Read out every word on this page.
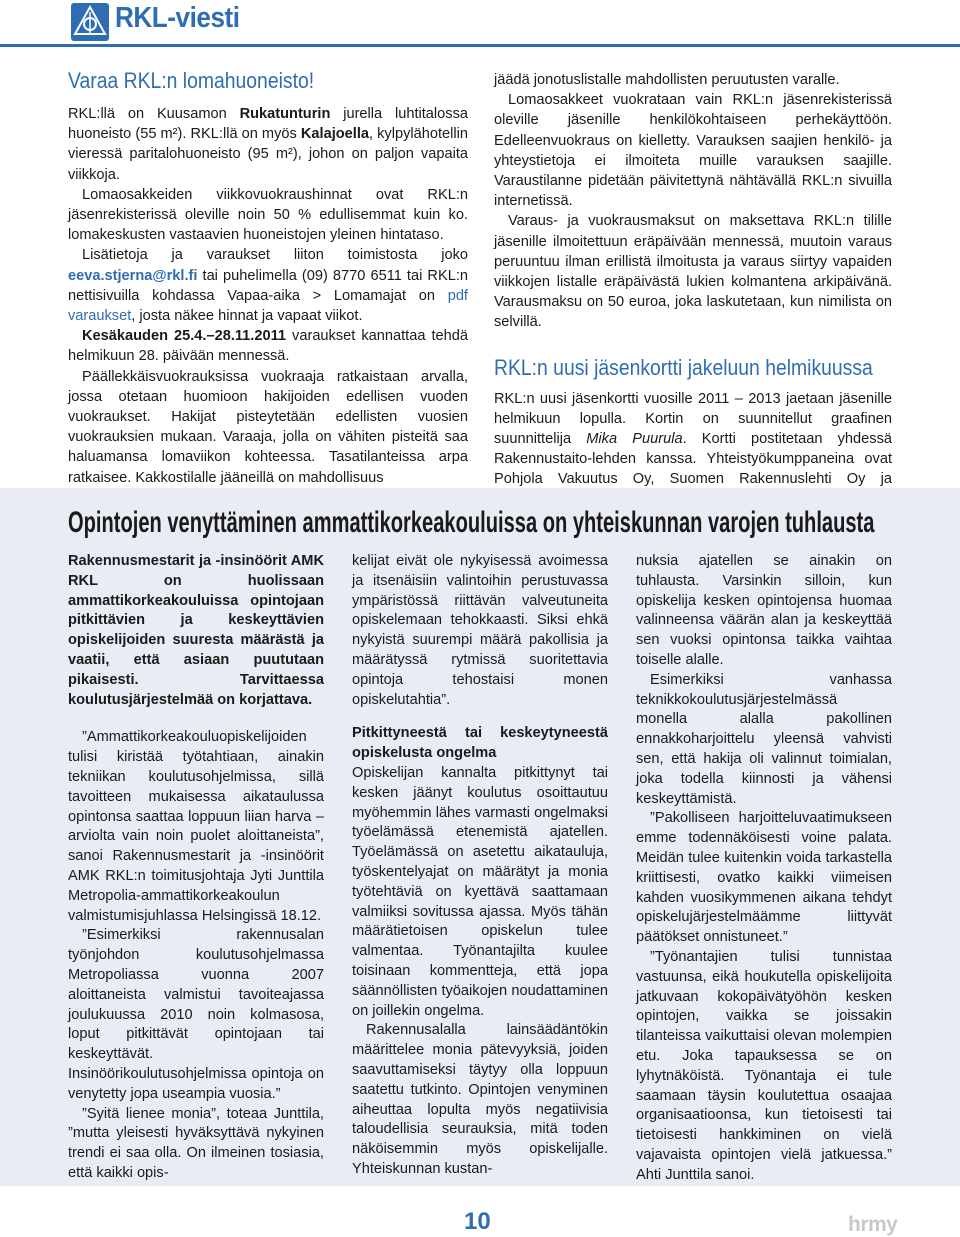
RKL-viesti
Varaa RKL:n lomahuoneisto!

RKL:llä on Kuusamon Rukatunturin jurella luhtitalossa huoneisto (55 m²). RKL:llä on myös Kalajoella, kylpylähotellin vieressä paritalohuoneisto (95 m²), johon on paljon vapaita viikkoja.

Lomaosakkeiden viikkovuokraushinnat ovat RKL:n jäsenrekisterissä oleville noin 50 % edullisemmat kuin ko. lomakeskusten vastaavien huoneistojen yleinen hintataso.

Lisätietoja ja varaukset liiton toimistosta joko eeva.stjerna@rkl.fi tai puhelimella (09) 8770 6511 tai RKL:n nettisivuilla kohdassa Vapaa-aika > Lomamajat on pdf varaukset, josta näkee hinnat ja vapaat viikot.

Kesäkauden 25.4.–28.11.2011 varaukset kannattaa tehdä helmikuun 28. päivään mennessä.

Päällekkäisvuokrauksissa vuokraaja ratkaistaan arvalla, jossa otetaan huomioon hakijoiden edellisen vuoden vuokraukset. Hakijat pisteytetään edellisten vuosien vuokrauksien mukaan. Varaaja, jolla on vähiten pisteitä saa haluamansa lomaviikon kohteessa. Tasatilanteissa arpa ratkaisee. Kakkostilalle jääneillä on mahdollisuus

jäädä jonotuslistalle mahdollisten peruutusten varalle.

Lomaosakkeet vuokrataan vain RKL:n jäsenrekisterissä oleville jäsenille henkilökohtaiseen perhekäyttöön. Edelleenvuokraus on kielletty. Varauksen saajien henkilö- ja yhteystietoja ei ilmoiteta muille varauksen saajille. Varaustilanne pidetään päivitettynä nähtävällä RKL:n sivuilla internetissä.

Varaus- ja vuokrausmaksut on maksettava RKL:n tilille jäsenille ilmoitettuun eräpäivään mennessä, muutoin varaus peruuntuu ilman erillistä ilmoitusta ja varaus siirtyy vapaiden viikkojen listalle eräpäivästä lukien kolmantena arkipäivänä. Varausmaksu on 50 euroa, joka laskutetaan, kun nimilista on selvillä.

RKL:n uusi jäsenkortti jakeluun helmikuussa

RKL:n uusi jäsenkortti vuosille 2011 – 2013 jaetaan jäsenille helmikuun lopulla. Kortin on suunnitellut graafinen suunnittelija Mika Puurula. Kortti postitetaan yhdessä Rakennustaito-lehden kanssa. Yhteistyökumppaneina ovat Pohjola Vakuutus Oy, Suomen Rakennuslehti Oy ja

Opintojen venyttäminen ammattikorkeakouluissa on yhteiskunnan varojen tuhlausta

Rakennusmestarit ja -insinöörit AMK RKL on huolissaan ammattikorkeakouluissa opintojaan pitkittävien ja keskeyttävien opiskelijoiden suuresta määrästä ja vaatii, että asiaan puututaan pikaisesti. Tarvittaessa koulutusjärjestelmää on korjattava.

”Ammattikorkeakouluopiskelijoiden tulisi kiristää työtahtiaan, ainakin tekniikan koulutusohjelmissa, sillä tavoitteen mukaisessa aikataulussa opintonsa saattaa loppuun liian harva – arviolta vain noin puolet aloittaneista”, sanoi Rakennusmestarit ja -insinöörit AMK RKL:n toimitusjohtaja Jyti Junttila Metropolia-ammattikorkeakoulun valmistumisjuhlassa Helsingissä 18.12.

”Esimerkiksi rakennusalan työnjohdon koulutusohjelmassa Metropoliassa vuonna 2007 aloittaneista valmistui tavoiteajassa joulukuussa 2010 noin kolmasosa, loput pitkittävät opintojaan tai keskeyttävät. Insinöörikoulutusohjelmissa opintoja on venytetty jopa useampia vuosia.”

”Syitä lienee monia”, toteaa Junttila, ”mutta yleisesti hyväksyttävä nykyinen trendi ei saa olla. On ilmeinen tosiasia, että kaikki opis-

kelijat eivät ole nykyisessä avoimessa ja itsenäisiin valintoihin perustuvassa ympäristössä riittävän valveutuneita opiskelemaan tehokkaasti. Siksi ehkä nykyistä suurempi määrä pakollisia ja määrätyssä rytmissä suoritettavia opintoja tehostaisi monen opiskelutahtia”.

Pitkittyneestä tai keskeytyneestä opiskelusta ongelma

Opiskelijan kannalta pitkittynyt tai kesken jäänyt koulutus osoittautuu myöhemmin lähes varmasti ongelmaksi työelämässä etenemistä ajatellen. Työelämässä on asetettu aikatauluja, työskentelyajat on määrätyt ja monia työtehtäviä on kyettävä saattamaan valmiiksi sovitussa ajassa. Myös tähän määrätietoisen opiskelun tulee valmentaa. Työnantajilta kuulee toisinaan kommentteja, että jopa säännöllisten työaikojen noudattaminen on joillekin ongelma.

Rakennusalalla lainsäädäntökin määrittelee monia pätevyyksiä, joiden saavuttamiseksi täytyy olla loppuun saatettu tutkinto. Opintojen venyminen aiheuttaa lopulta myös negatiivisia taloudellisia seurauksia, mitä toden näköisemmin myös opiskelijalle. Yhteiskunnan kustan-

nuksia ajatellen se ainakin on tuhlausta. Varsinkin silloin, kun opiskelija kesken opintojensa huomaa valinneensa väärän alan ja keskeyttää sen vuoksi opintonsa taikka vaihtaa toiselle alalle.

Esimerkiksi vanhassa teknikkokoulutusjärjestelmässä monella alalla pakollinen ennakkoharjoittelu yleensä vahvisti sen, että hakija oli valinnut toimialan, joka todella kiinnosti ja vähensi keskeyttämistä.

”Pakolliseen harjoitteluvaatimukseen emme todennäköisesti voine palata. Meidän tulee kuitenkin voida tarkastella kriittisesti, ovatko kaikki viimeisen kahden vuosikymmenen aikana tehdyt opiskelujärjestelmäämme liittyvät päätökset onnistuneet.”

”Työnantajien tulisi tunnistaa vastuunsa, eikä houkutella opiskelijoita jatkuvaan kokopäivätyöhön kesken opintojen, vaikka se joissakin tilanteissa vaikuttaisi olevan molempien etu. Joka tapauksessa se on lyhytnäköistä. Työnantaja ei tule saamaan täysin koulutettua osaajaa organisaatioonsa, kun tietoisesti tai tietoisesti hankkiminen on vielä vajavaista opintojen vielä jatkuessa.” Ahti Junttila sanoi.

10	hrmy
